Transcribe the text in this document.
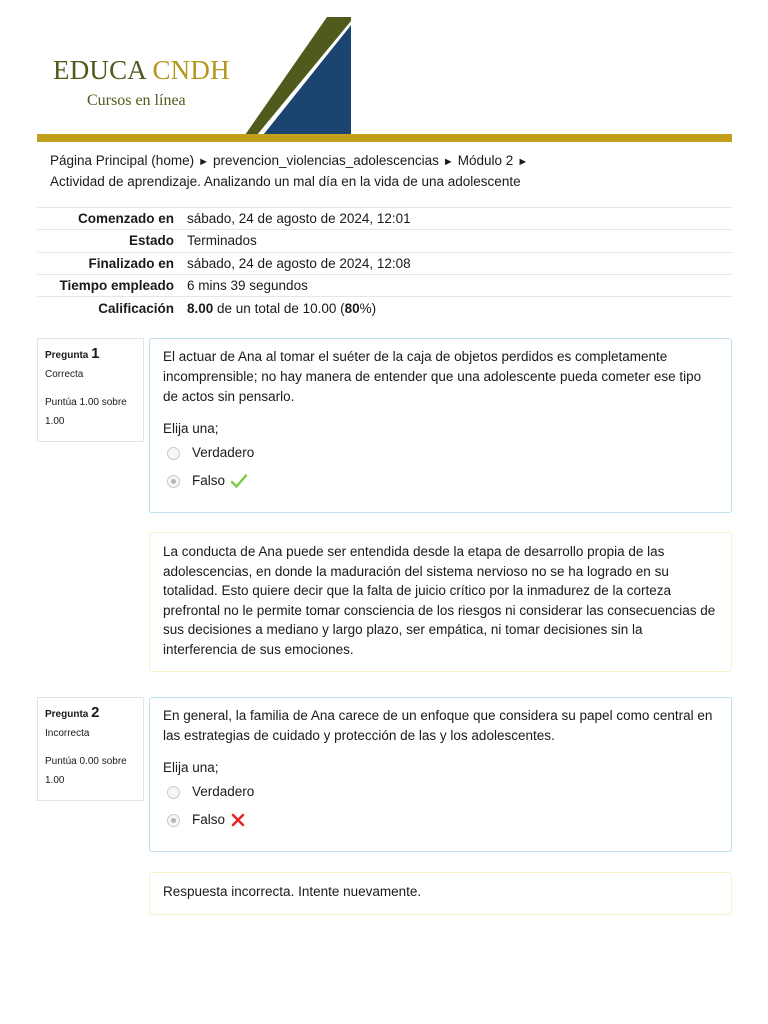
EDUCA CNDH
Cursos en línea
Página Principal (home) ► prevencion_violencias_adolescencias ► Módulo 2 ►
Actividad de aprendizaje. Analizando un mal día en la vida de una adolescente
Comenzado en	sábado, 24 de agosto de 2024, 12:01
Estado	Terminados
Finalizado en	sábado, 24 de agosto de 2024, 12:08
Tiempo empleado	6 mins 39 segundos
Calificación	8.00 de un total de 10.00 (80%)
Pregunta 1
Correcta
Puntúa 1.00 sobre 1.00
El actuar de Ana al tomar el suéter de la caja de objetos perdidos es completamente incomprensible; no hay manera de entender que una adolescente pueda cometer ese tipo de actos sin pensarlo.
Elija una;
Verdadero
Falso
La conducta de Ana puede ser entendida desde la etapa de desarrollo propia de las adolescencias, en donde la maduración del sistema nervioso no se ha logrado en su totalidad. Esto quiere decir que la falta de juicio crítico por la inmadurez de la corteza prefrontal no le permite tomar consciencia de los riesgos ni considerar las consecuencias de sus decisiones a mediano y largo plazo, ser empática, ni tomar decisiones sin la interferencia de sus emociones.
Pregunta 2
Incorrecta
Puntúa 0.00 sobre 1.00
En general, la familia de Ana carece de un enfoque que considera su papel como central en las estrategias de cuidado y protección de las y los adolescentes.
Elija una;
Verdadero
Falso
Respuesta incorrecta. Intente nuevamente.
